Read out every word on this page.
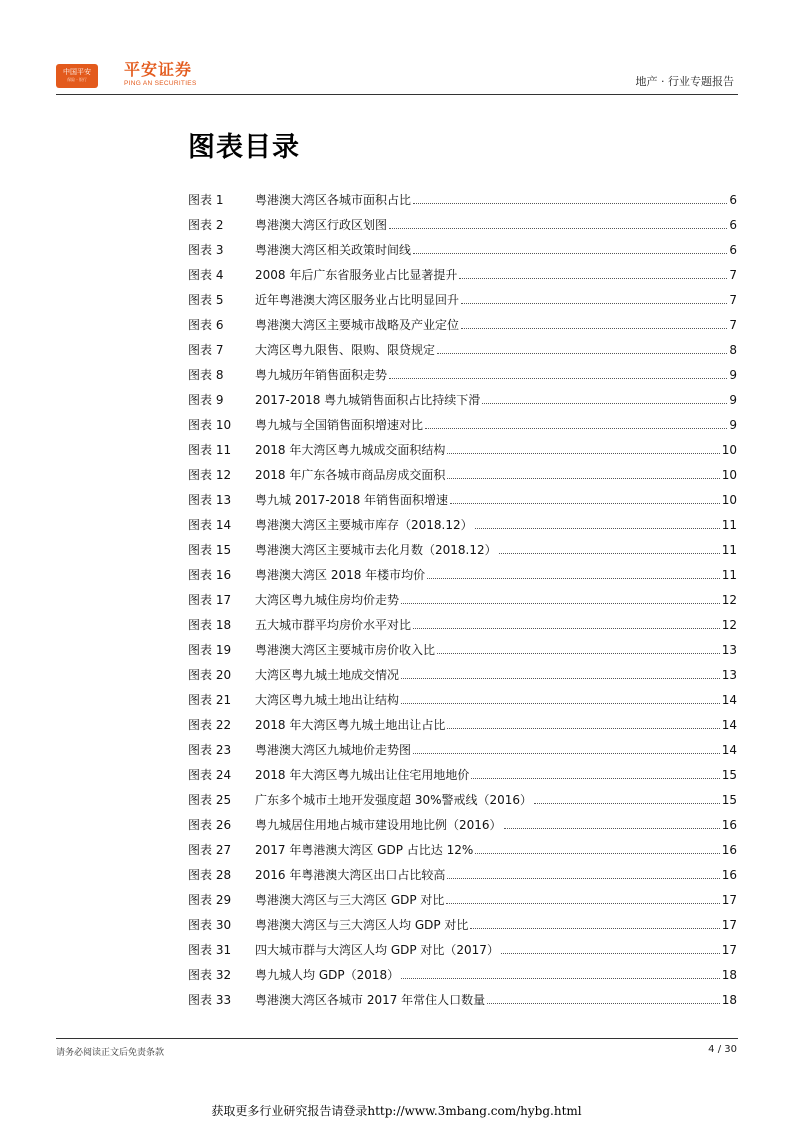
中国平安
保险 · 银行
平安证券
PING AN SECURITIES	地产 · 行业专题报告
图表目录
图表 1	粤港澳大湾区各城市面积占比	6
图表 2	粤港澳大湾区行政区划图	6
图表 3	粤港澳大湾区相关政策时间线	6
图表 4	2008 年后广东省服务业占比显著提升	7
图表 5	近年粤港澳大湾区服务业占比明显回升	7
图表 6	粤港澳大湾区主要城市战略及产业定位	7
图表 7	大湾区粤九限售、限购、限贷规定	8
图表 8	粤九城历年销售面积走势	9
图表 9	2017-2018 粤九城销售面积占比持续下滑	9
图表 10	粤九城与全国销售面积增速对比	9
图表 11	2018 年大湾区粤九城成交面积结构	10
图表 12	2018 年广东各城市商品房成交面积	10
图表 13	粤九城 2017-2018 年销售面积增速	10
图表 14	粤港澳大湾区主要城市库存（2018.12）	11
图表 15	粤港澳大湾区主要城市去化月数（2018.12）	11
图表 16	粤港澳大湾区 2018 年楼市均价	11
图表 17	大湾区粤九城住房均价走势	12
图表 18	五大城市群平均房价水平对比	12
图表 19	粤港澳大湾区主要城市房价收入比	13
图表 20	大湾区粤九城土地成交情况	13
图表 21	大湾区粤九城土地出让结构	14
图表 22	2018 年大湾区粤九城土地出让占比	14
图表 23	粤港澳大湾区九城地价走势图	14
图表 24	2018 年大湾区粤九城出让住宅用地地价	15
图表 25	广东多个城市土地开发强度超 30%警戒线（2016）	15
图表 26	粤九城居住用地占城市建设用地比例（2016）	16
图表 27	2017 年粤港澳大湾区 GDP 占比达 12%	16
图表 28	2016 年粤港澳大湾区出口占比较高	16
图表 29	粤港澳大湾区与三大湾区 GDP 对比	17
图表 30	粤港澳大湾区与三大湾区人均 GDP 对比	17
图表 31	四大城市群与大湾区人均 GDP 对比（2017）	17
图表 32	粤九城人均 GDP（2018）	18
图表 33	粤港澳大湾区各城市 2017 年常住人口数量	18
请务必阅读正文后免责条款	4 / 30
获取更多行业研究报告请登录http://www.3mbang.com/hybg.html
